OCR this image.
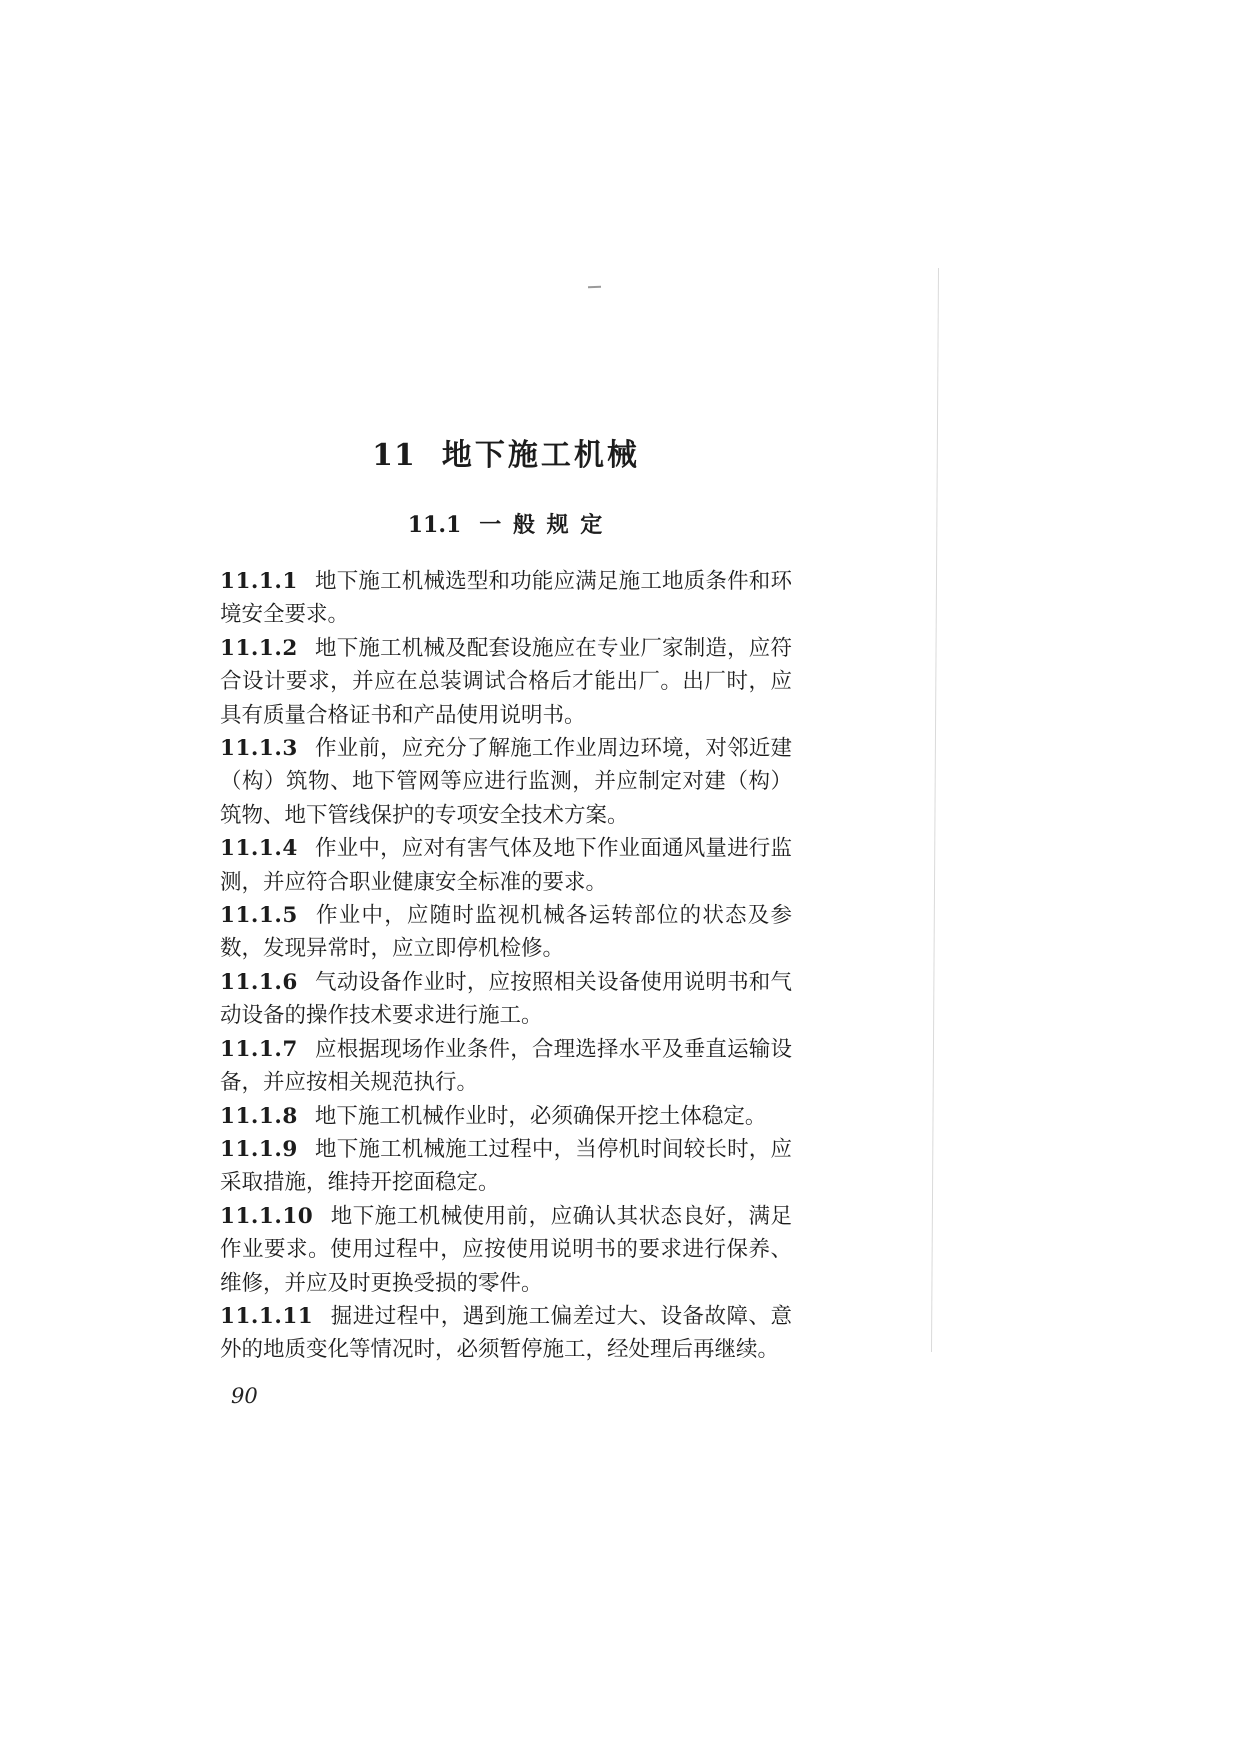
11 地下施工机械
11.1 一 般 规 定

11.1.1 地下施工机械选型和功能应满足施工地质条件和环境安全要求。

11.1.2 地下施工机械及配套设施应在专业厂家制造，应符合设计要求，并应在总装调试合格后才能出厂。出厂时，应具有质量合格证书和产品使用说明书。

11.1.3 作业前，应充分了解施工作业周边环境，对邻近建（构）筑物、地下管网等应进行监测，并应制定对建（构）筑物、地下管线保护的专项安全技术方案。

11.1.4 作业中，应对有害气体及地下作业面通风量进行监测，并应符合职业健康安全标准的要求。

11.1.5 作业中，应随时监视机械各运转部位的状态及参数，发现异常时，应立即停机检修。

11.1.6 气动设备作业时，应按照相关设备使用说明书和气动设备的操作技术要求进行施工。

11.1.7 应根据现场作业条件，合理选择水平及垂直运输设备，并应按相关规范执行。

11.1.8 地下施工机械作业时，必须确保开挖土体稳定。

11.1.9 地下施工机械施工过程中，当停机时间较长时，应采取措施，维持开挖面稳定。

11.1.10 地下施工机械使用前，应确认其状态良好，满足作业要求。使用过程中，应按使用说明书的要求进行保养、维修，并应及时更换受损的零件。

11.1.11 掘进过程中，遇到施工偏差过大、设备故障、意外的地质变化等情况时，必须暂停施工，经处理后再继续。

90
